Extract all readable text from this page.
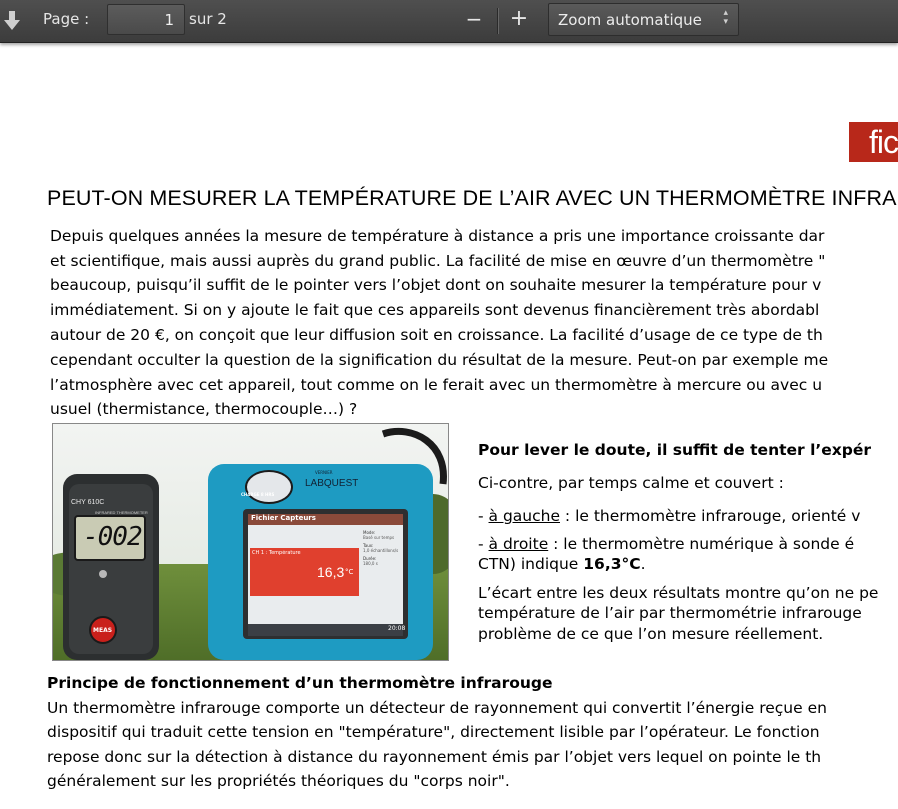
Page :
1	sur 2	− +	Zoom automatique ▴
▾
fic
PEUT-ON MESURER LA TEMPÉRATURE DE L’AIR AVEC UN THERMOMÈTRE INFRA
Depuis quelques années la mesure de température à distance a pris une importance croissante dar
et scientifique, mais aussi auprès du grand public. La facilité de mise en œuvre d’un thermomètre "
beaucoup, puisqu’il suffit de le pointer vers l’objet dont on souhaite mesurer la température pour v
immédiatement. Si on y ajoute le fait que ces appareils sont devenus financièrement très abordabl
autour de 20 €, on conçoit que leur diffusion soit en croissance. La facilité d’usage de ce type de th
cependant occulter la question de la signification du résultat de la mesure. Peut-on par exemple me
l’atmosphère avec cet appareil, tout comme on le ferait avec un thermomètre à mercure ou avec u
usuel (thermistance, thermocouple…) ?
CHY 610C
INFRARED THERMOMETER
-002
MEAS
Fichier Capteurs
CH 1 : Température
16,3 °C
Mode:
Basé sur temps
Taux:
1,0 échantillons/s
Durée:
180,0 s
20:08
CHARGE 8 HRS
VERNIER
LABQUEST
Pour lever le doute, il suffit de tenter l’expér
Ci-contre, par temps calme et couvert :
- à gauche : le thermomètre infrarouge, orienté v
- à droite : le thermomètre numérique à sonde é
CTN) indique 16,3°C.
L’écart entre les deux résultats montre qu’on ne pe
température de l’air par thermométrie infrarouge
problème de ce que l’on mesure réellement.
Principe de fonctionnement d’un thermomètre infrarouge
Un thermomètre infrarouge comporte un détecteur de rayonnement qui convertit l’énergie reçue en
dispositif qui traduit cette tension en "température", directement lisible par l’opérateur. Le fonction
repose donc sur la détection à distance du rayonnement émis par l’objet vers lequel on pointe le th
généralement sur les propriétés théoriques du "corps noir".
